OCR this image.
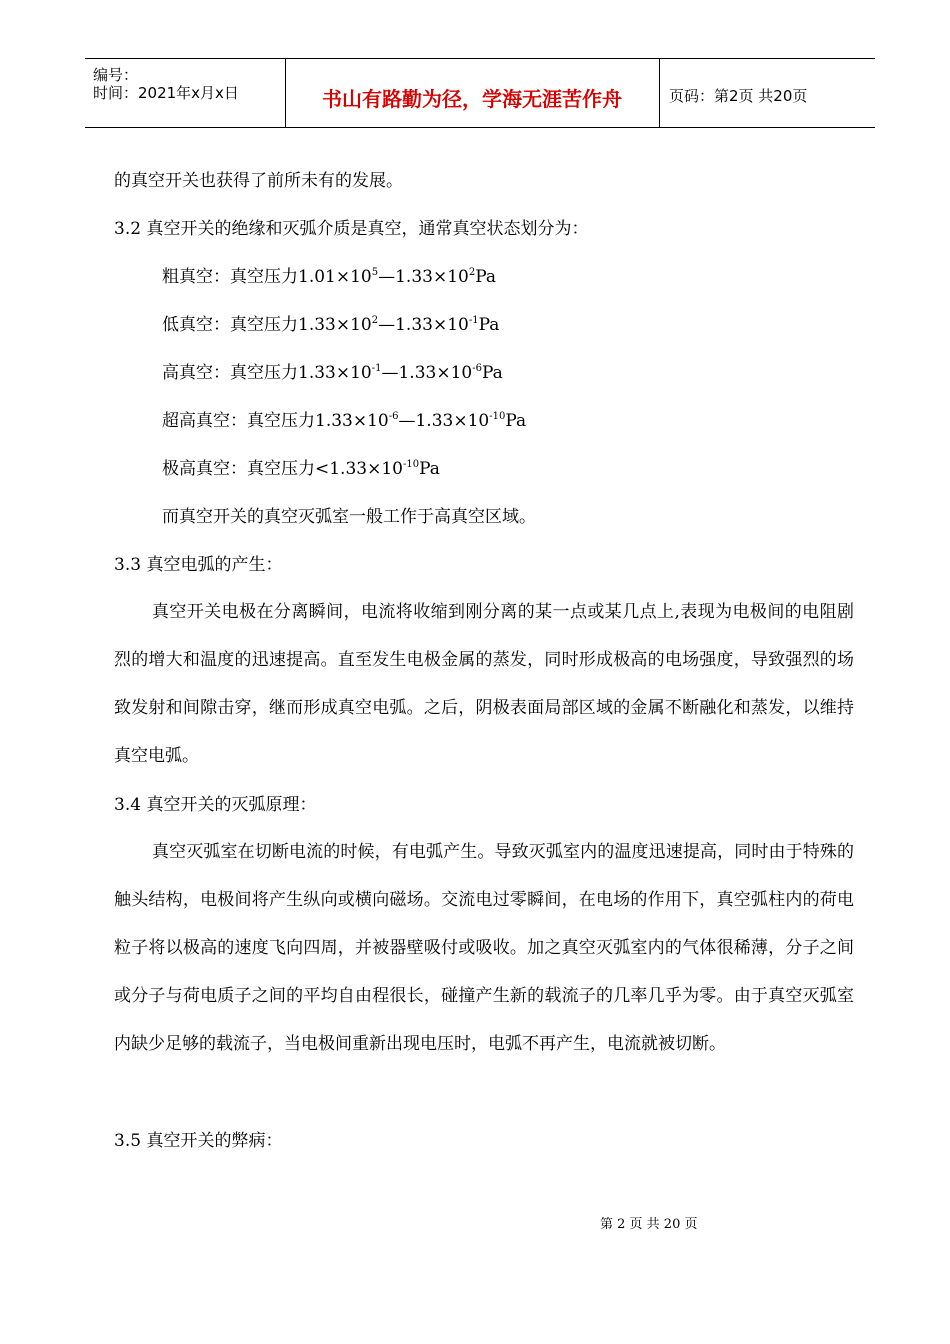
编号：
时间：2021年x月x日	书山有路勤为径，学海无涯苦作舟	页码：第2页 共20页
的真空开关也获得了前所未有的发展。
3.2 真空开关的绝缘和灭弧介质是真空，通常真空状态划分为：
粗真空：真空压力$1.01\times 10^5—1.33\times 10^2Pa$
低真空：真空压力$1.33\times 10^2—1.33\times 10^{-1}Pa$
高真空：真空压力$1.33\times 10^{-1}—1.33\times 10^{-6}Pa$
超高真空：真空压力$1.33\times 10^{-6}—1.33\times 10^{-10}Pa$
极高真空：真空压力$<1.33\times 10^{-10}Pa$
而真空开关的真空灭弧室一般工作于高真空区域。
3.3 真空电弧的产生：
真空开关电极在分离瞬间，电流将收缩到刚分离的某一点或某几点上,表现为电极间的电阻剧烈的增大和温度的迅速提高。直至发生电极金属的蒸发，同时形成极高的电场强度，导致强烈的场致发射和间隙击穿，继而形成真空电弧。之后，阴极表面局部区域的金属不断融化和蒸发，以维持真空电弧。
3.4 真空开关的灭弧原理：
真空灭弧室在切断电流的时候，有电弧产生。导致灭弧室内的温度迅速提高，同时由于特殊的触头结构，电极间将产生纵向或横向磁场。交流电过零瞬间，在电场的作用下，真空弧柱内的荷电粒子将以极高的速度飞向四周，并被器壁吸付或吸收。加之真空灭弧室内的气体很稀薄，分子之间或分子与荷电质子之间的平均自由程很长，碰撞产生新的载流子的几率几乎为零。由于真空灭弧室内缺少足够的载流子，当电极间重新出现电压时，电弧不再产生，电流就被切断。
3.5 真空开关的弊病：
第 2 页 共 20 页
